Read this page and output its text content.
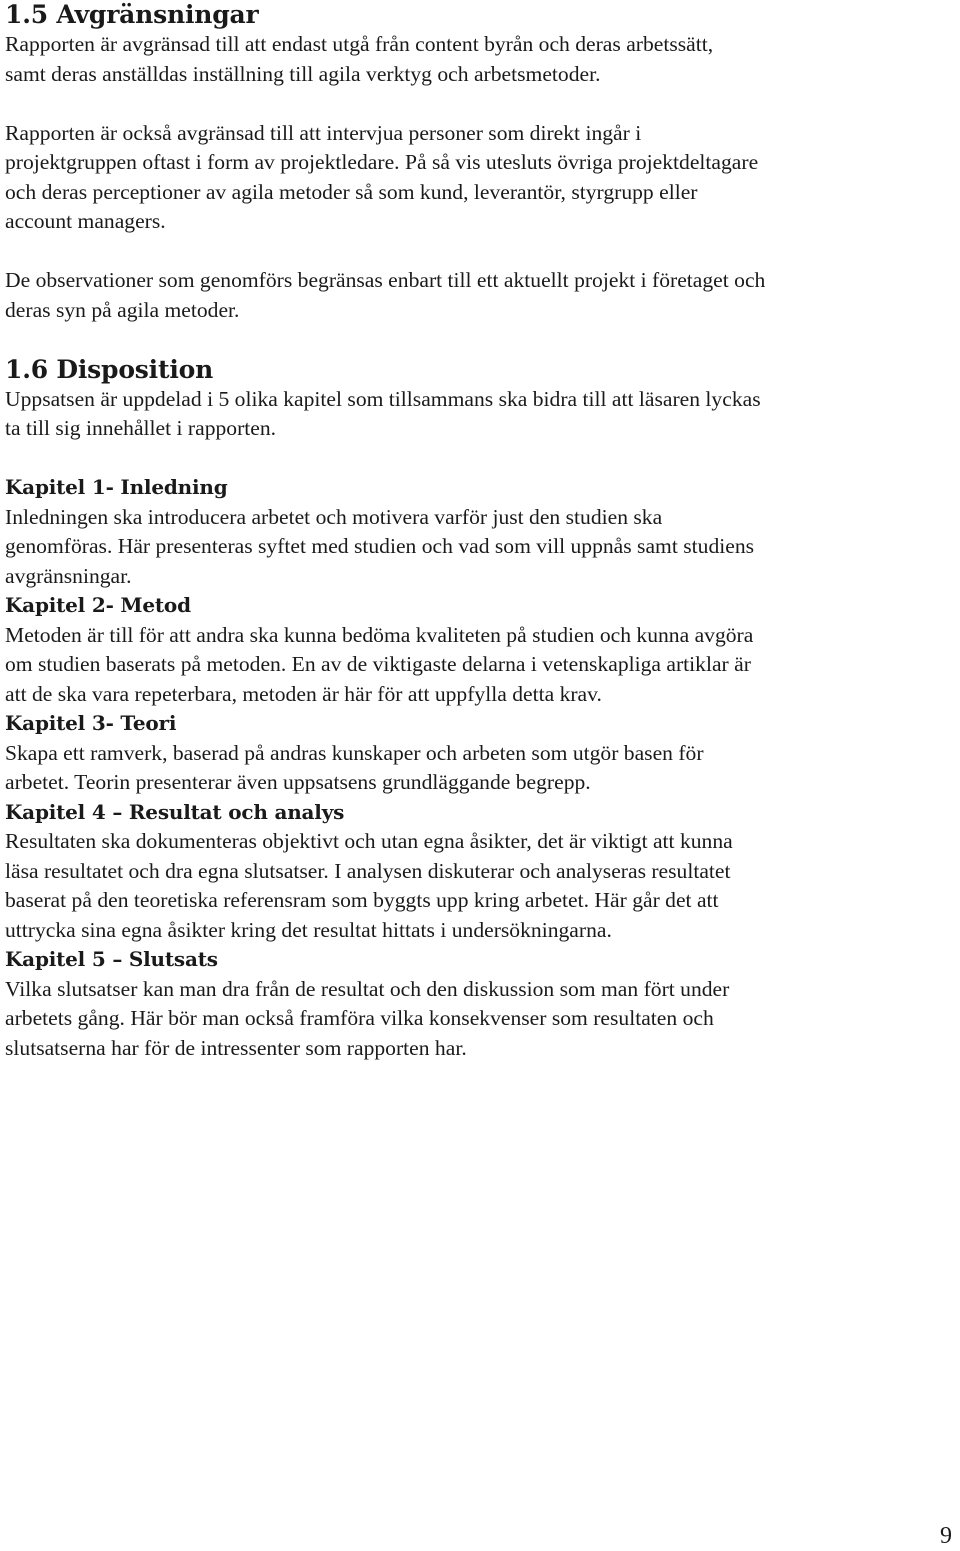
1.5 Avgränsningar
Rapporten är avgränsad till att endast utgå från content byrån och deras arbetssätt,
samt deras anställdas inställning till agila verktyg och arbetsmetoder.
Rapporten är också avgränsad till att intervjua personer som direkt ingår i
projektgruppen oftast i form av projektledare. På så vis utesluts övriga projektdeltagare
och deras perceptioner av agila metoder så som kund, leverantör, styrgrupp eller
account managers.
De observationer som genomförs begränsas enbart till ett aktuellt projekt i företaget och
deras syn på agila metoder.
1.6 Disposition
Uppsatsen är uppdelad i 5 olika kapitel som tillsammans ska bidra till att läsaren lyckas
ta till sig innehållet i rapporten.
Kapitel 1- Inledning
Inledningen ska introducera arbetet och motivera varför just den studien ska
genomföras. Här presenteras syftet med studien och vad som vill uppnås samt studiens
avgränsningar.
Kapitel 2- Metod
Metoden är till för att andra ska kunna bedöma kvaliteten på studien och kunna avgöra
om studien baserats på metoden. En av de viktigaste delarna i vetenskapliga artiklar är
att de ska vara repeterbara, metoden är här för att uppfylla detta krav.
Kapitel 3- Teori
Skapa ett ramverk, baserad på andras kunskaper och arbeten som utgör basen för
arbetet. Teorin presenterar även uppsatsens grundläggande begrepp.
Kapitel 4 – Resultat och analys
Resultaten ska dokumenteras objektivt och utan egna åsikter, det är viktigt att kunna
läsa resultatet och dra egna slutsatser. I analysen diskuterar och analyseras resultatet
baserat på den teoretiska referensram som byggts upp kring arbetet. Här går det att
uttrycka sina egna åsikter kring det resultat hittats i undersökningarna.
Kapitel 5 – Slutsats
Vilka slutsatser kan man dra från de resultat och den diskussion som man fört under
arbetets gång. Här bör man också framföra vilka konsekvenser som resultaten och
slutsatserna har för de intressenter som rapporten har.
9
